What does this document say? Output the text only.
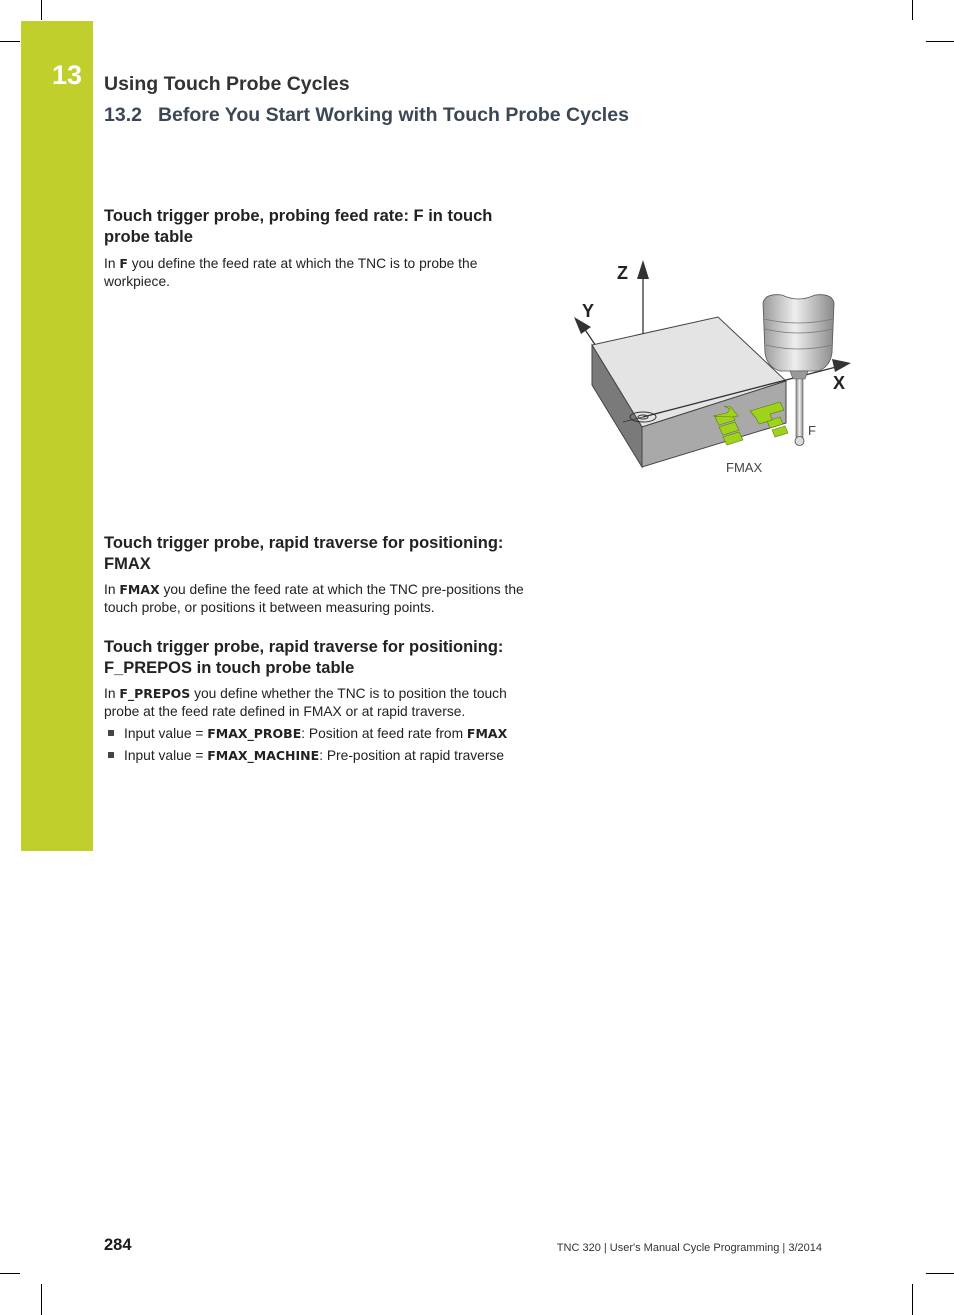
13 Using Touch Probe Cycles
13.2 Before You Start Working with Touch Probe Cycles
Touch trigger probe, probing feed rate: F in touch probe table
In F you define the feed rate at which the TNC is to probe the workpiece.
Touch trigger probe, rapid traverse for positioning: FMAX
In FMAX you define the feed rate at which the TNC pre-positions the touch probe, or positions it between measuring points.
Touch trigger probe, rapid traverse for positioning: F_PREPOS in touch probe table
In F_PREPOS you define whether the TNC is to position the touch probe at the feed rate defined in FMAX or at rapid traverse.
Input value = FMAX_PROBE: Position at feed rate from FMAX
Input value = FMAX_MACHINE: Pre-position at rapid traverse
Z
Y
X
F
FMAX
284	TNC 320 | User's Manual Cycle Programming | 3/2014
